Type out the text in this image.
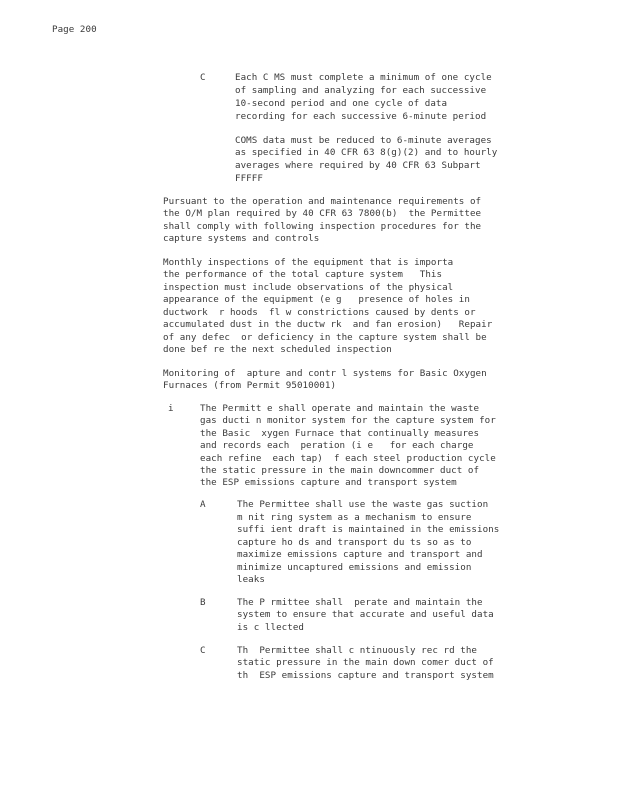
Page 200
C	Each C MS must complete a minimum of one cycle
of sampling and analyzing for each successive
10-second period and one cycle of data
recording for each successive 6-minute period
COMS data must be reduced to 6-minute averages
as specified in 40 CFR 63 8(g)(2) and to hourly
averages where required by 40 CFR 63 Subpart
FFFFF
Pursuant to the operation and maintenance requirements of
the O/M plan required by 40 CFR 63 7800(b)  the Permittee
shall comply with following inspection procedures for the
capture systems and controls
Monthly inspections of the equipment that is importa
the performance of the total capture system   This
inspection must include observations of the physical
appearance of the equipment (e g   presence of holes in
ductwork  r hoods  fl w constrictions caused by dents or
accumulated dust in the ductw rk  and fan erosion)   Repair
of any defec  or deficiency in the capture system shall be
done bef re the next scheduled inspection
Monitoring of  apture and contr l systems for Basic Oxygen
Furnaces (from Permit 95010001)
i	The Permitt e shall operate and maintain the waste
gas ducti n monitor system for the capture system for
the Basic  xygen Furnace that continually measures
and records each  peration (i e   for each charge
each refine  each tap)  f each steel production cycle
the static pressure in the main downcommer duct of
the ESP emissions capture and transport system
A	The Permittee shall use the waste gas suction
m nit ring system as a mechanism to ensure
suffi ient draft is maintained in the emissions
capture ho ds and transport du ts so as to
maximize emissions capture and transport and
minimize uncaptured emissions and emission
leaks
B	The P rmittee shall  perate and maintain the
system to ensure that accurate and useful data
is c llected
C	Th  Permittee shall c ntinuously rec rd the
static pressure in the main down comer duct of
th  ESP emissions capture and transport system
